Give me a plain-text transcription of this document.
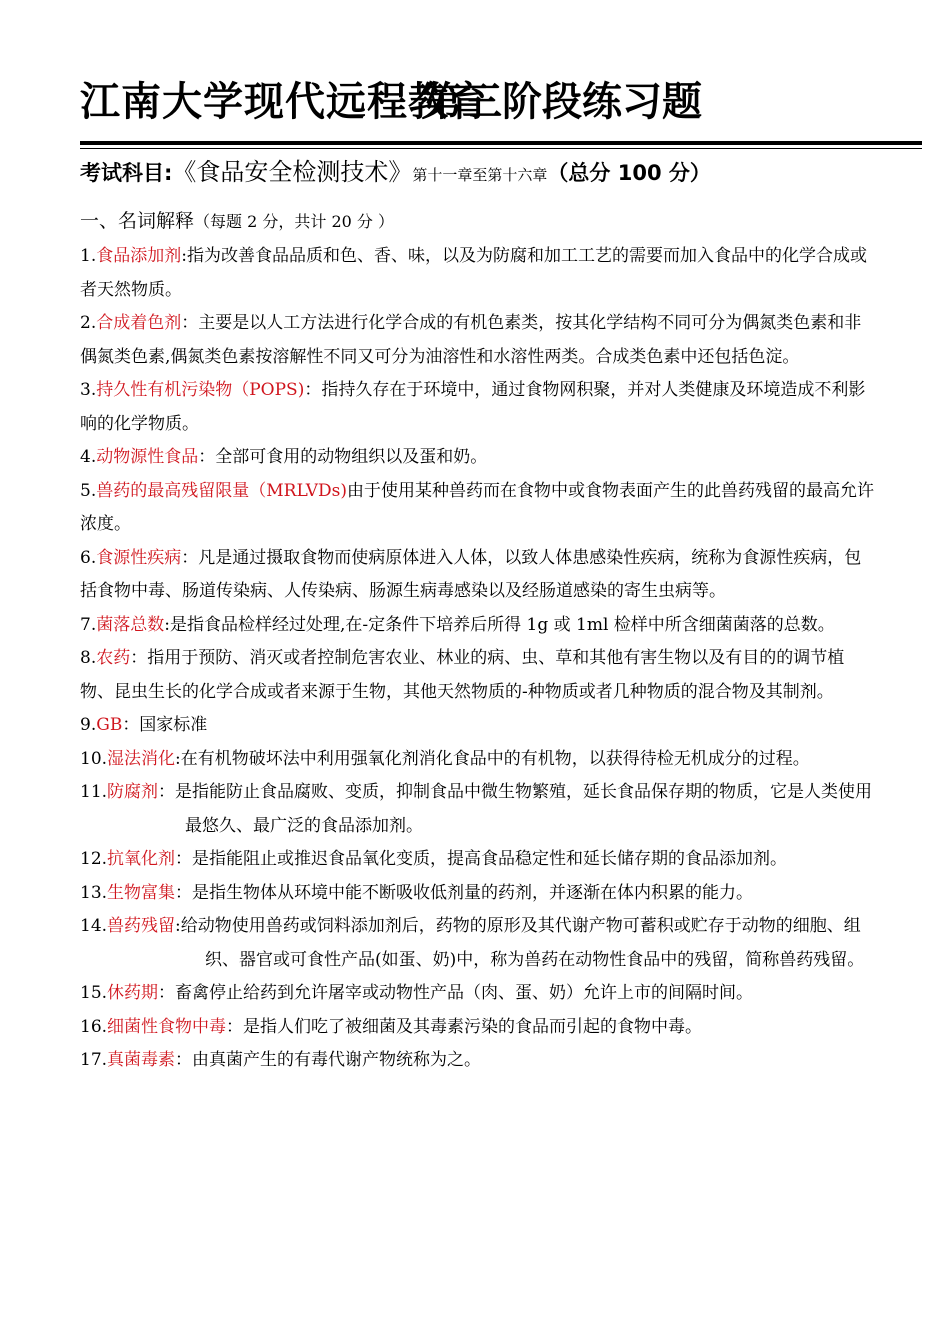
江南大学现代远程教育
第三阶段练习题
考试科目:《食品安全检测技术》第十一章至第十六章（总分 100 分）
一、名词解释（每题 2 分，共计 20 分 ）
1.食品添加剂:指为改善食品品质和色、香、味，以及为防腐和加工工艺的需要而加入食品中的化学合成或者天然物质。
2.合成着色剂：主要是以人工方法进行化学合成的有机色素类，按其化学结构不同可分为偶氮类色素和非偶氮类色素,偶氮类色素按溶解性不同又可分为油溶性和水溶性两类。合成类色素中还包括色淀。
3.持久性有机污染物（POPS)：指持久存在于环境中，通过食物网积聚，并对人类健康及环境造成不利影响的化学物质。
4.动物源性食品：全部可食用的动物组织以及蛋和奶。
5.兽药的最高残留限量（MRLVDs)由于使用某种兽药而在食物中或食物表面产生的此兽药残留的最高允许浓度。
6.食源性疾病：凡是通过摄取食物而使病原体进入人体，以致人体患感染性疾病，统称为食源性疾病，包括食物中毒、肠道传染病、人传染病、肠源生病毒感染以及经肠道感染的寄生虫病等。
7.菌落总数:是指食品检样经过处理,在-定条件下培养后所得 1g 或 1ml 检样中所含细菌菌落的总数。
8.农药：指用于预防、消灭或者控制危害农业、林业的病、虫、草和其他有害生物以及有目的的调节植物、昆虫生长的化学合成或者来源于生物，其他天然物质的-种物质或者几种物质的混合物及其制剂。
9.GB：国家标准
10.湿法消化:在有机物破坏法中利用强氧化剂消化食品中的有机物，以获得待检无机成分的过程。
11.防腐剂：是指能防止食品腐败、变质，抑制食品中微生物繁殖，延长食品保存期的物质，它是人类使用最悠久、最广泛的食品添加剂。
12.抗氧化剂：是指能阻止或推迟食品氧化变质，提高食品稳定性和延长储存期的食品添加剂。
13.生物富集：是指生物体从环境中能不断吸收低剂量的药剂，并逐渐在体内积累的能力。
14.兽药残留:给动物使用兽药或饲料添加剂后，药物的原形及其代谢产物可蓄积或贮存于动物的细胞、组织、器官或可食性产品(如蛋、奶)中，称为兽药在动物性食品中的残留，简称兽药残留。
15.休药期：畜禽停止给药到允许屠宰或动物性产品（肉、蛋、奶）允许上市的间隔时间。
16.细菌性食物中毒：是指人们吃了被细菌及其毒素污染的食品而引起的食物中毒。
17.真菌毒素：由真菌产生的有毒代谢产物统称为之。
